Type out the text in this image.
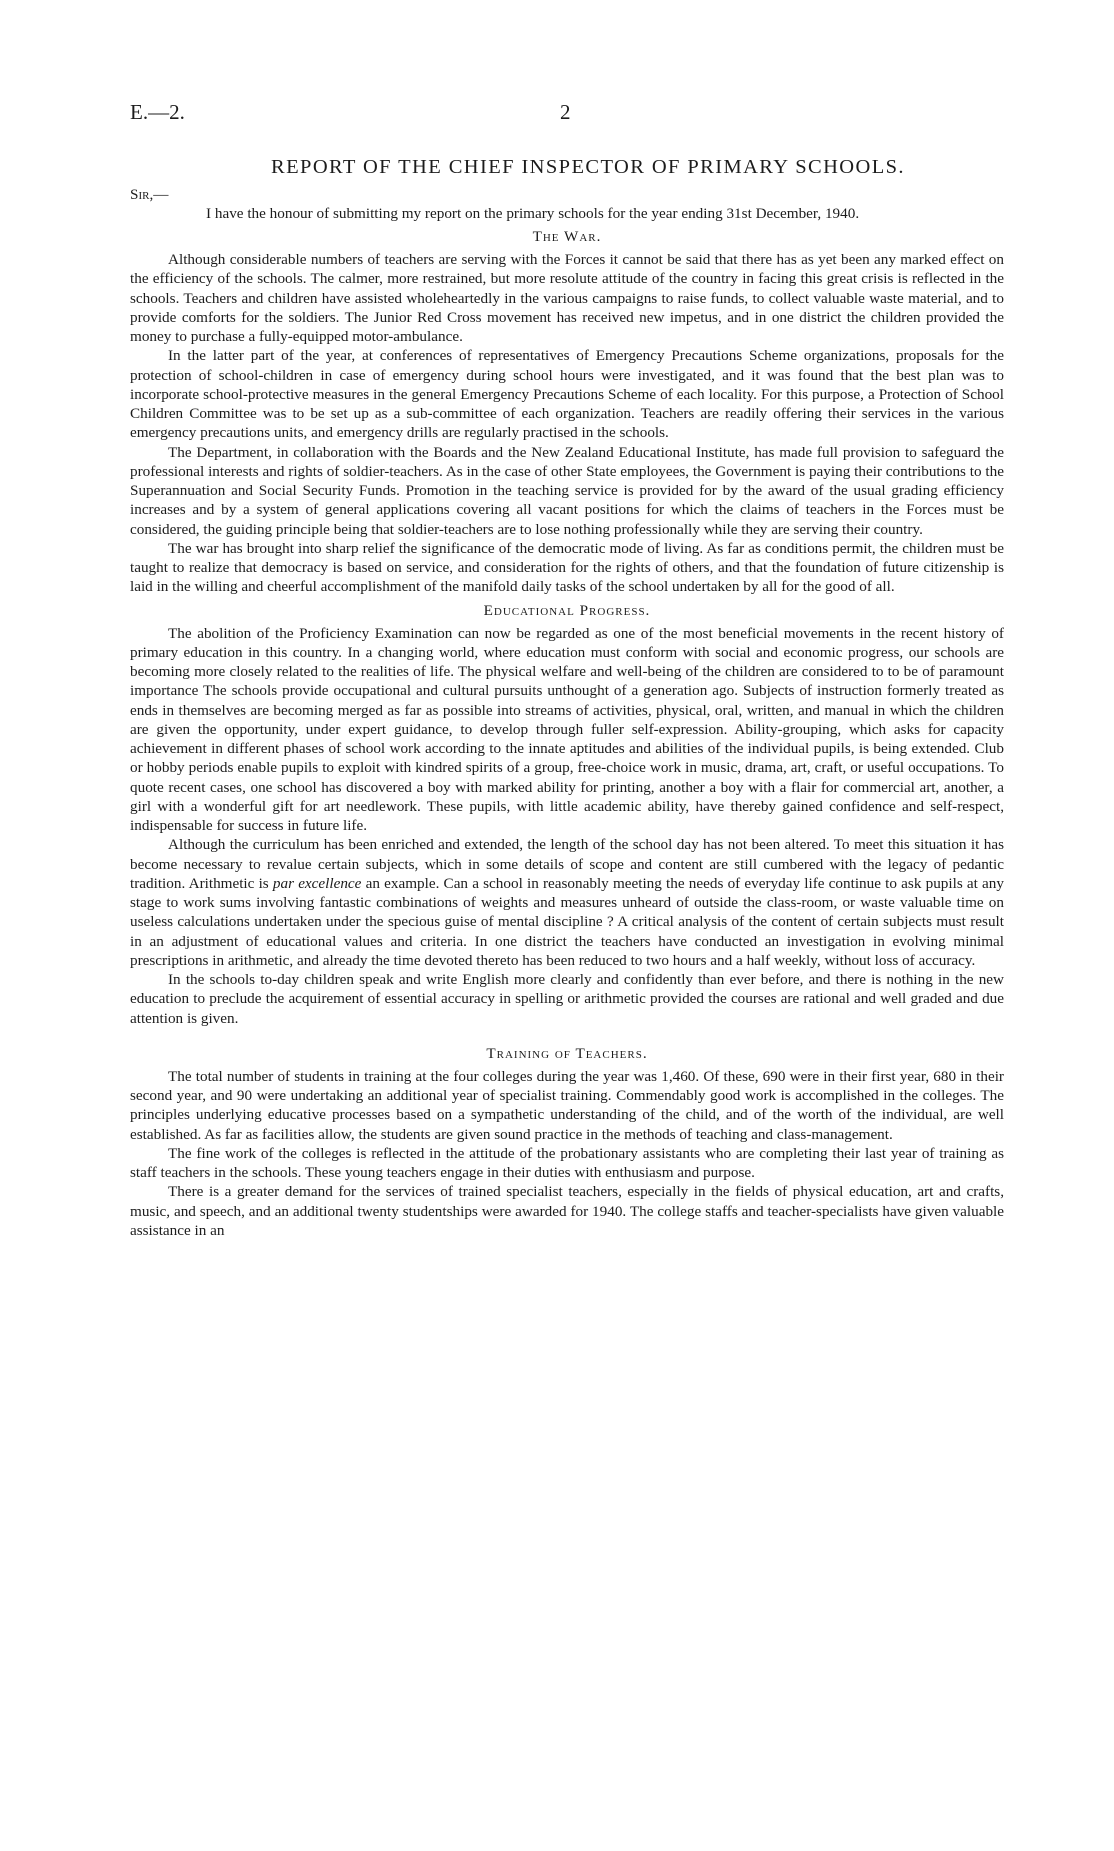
E.—2.	2
REPORT OF THE CHIEF INSPECTOR OF PRIMARY SCHOOLS.

Sir,—

I have the honour of submitting my report on the primary schools for the year ending 31st December, 1940.

The War.

Although considerable numbers of teachers are serving with the Forces it cannot be said that there has as yet been any marked effect on the efficiency of the schools. The calmer, more restrained, but more resolute attitude of the country in facing this great crisis is reflected in the schools. Teachers and children have assisted wholeheartedly in the various campaigns to raise funds, to collect valuable waste material, and to provide comforts for the soldiers. The Junior Red Cross movement has received new impetus, and in one district the children provided the money to purchase a fully-equipped motor-ambulance.

In the latter part of the year, at conferences of representatives of Emergency Precautions Scheme organizations, proposals for the protection of school-children in case of emergency during school hours were investigated, and it was found that the best plan was to incorporate school-protective measures in the general Emergency Precautions Scheme of each locality. For this purpose, a Protection of School Children Committee was to be set up as a sub-committee of each organization. Teachers are readily offering their services in the various emergency precautions units, and emergency drills are regularly practised in the schools.

The Department, in collaboration with the Boards and the New Zealand Educational Institute, has made full provision to safeguard the professional interests and rights of soldier-teachers. As in the case of other State employees, the Government is paying their contributions to the Superannuation and Social Security Funds. Promotion in the teaching service is provided for by the award of the usual grading efficiency increases and by a system of general applications covering all vacant positions for which the claims of teachers in the Forces must be considered, the guiding principle being that soldier-teachers are to lose nothing professionally while they are serving their country.

The war has brought into sharp relief the significance of the democratic mode of living. As far as conditions permit, the children must be taught to realize that democracy is based on service, and consideration for the rights of others, and that the foundation of future citizenship is laid in the willing and cheerful accomplishment of the manifold daily tasks of the school undertaken by all for the good of all.

Educational Progress.

The abolition of the Proficiency Examination can now be regarded as one of the most beneficial movements in the recent history of primary education in this country. In a changing world, where education must conform with social and economic progress, our schools are becoming more closely related to the realities of life. The physical welfare and well-being of the children are considered to to be of paramount importance The schools provide occupational and cultural pursuits unthought of a generation ago. Subjects of instruction formerly treated as ends in themselves are becoming merged as far as possible into streams of activities, physical, oral, written, and manual in which the children are given the opportunity, under expert guidance, to develop through fuller self-expression. Ability-grouping, which asks for capacity achievement in different phases of school work according to the innate aptitudes and abilities of the individual pupils, is being extended. Club or hobby periods enable pupils to exploit with kindred spirits of a group, free-choice work in music, drama, art, craft, or useful occupations. To quote recent cases, one school has discovered a boy with marked ability for printing, another a boy with a flair for commercial art, another, a girl with a wonderful gift for art needlework. These pupils, with little academic ability, have thereby gained confidence and self-respect, indispensable for success in future life.

Although the curriculum has been enriched and extended, the length of the school day has not been altered. To meet this situation it has become necessary to revalue certain subjects, which in some details of scope and content are still cumbered with the legacy of pedantic tradition. Arithmetic is par excellence an example. Can a school in reasonably meeting the needs of everyday life continue to ask pupils at any stage to work sums involving fantastic combinations of weights and measures unheard of outside the class-room, or waste valuable time on useless calculations undertaken under the specious guise of mental discipline ? A critical analysis of the content of certain subjects must result in an adjustment of educational values and criteria. In one district the teachers have conducted an investigation in evolving minimal prescriptions in arithmetic, and already the time devoted thereto has been reduced to two hours and a half weekly, without loss of accuracy.

In the schools to-day children speak and write English more clearly and confidently than ever before, and there is nothing in the new education to preclude the acquirement of essential accuracy in spelling or arithmetic provided the courses are rational and well graded and due attention is given.

Training of Teachers.

The total number of students in training at the four colleges during the year was 1,460. Of these, 690 were in their first year, 680 in their second year, and 90 were undertaking an additional year of specialist training. Commendably good work is accomplished in the colleges. The principles underlying educative processes based on a sympathetic understanding of the child, and of the worth of the individual, are well established. As far as facilities allow, the students are given sound practice in the methods of teaching and class-management.

The fine work of the colleges is reflected in the attitude of the probationary assistants who are completing their last year of training as staff teachers in the schools. These young teachers engage in their duties with enthusiasm and purpose.

There is a greater demand for the services of trained specialist teachers, especially in the fields of physical education, art and crafts, music, and speech, and an additional twenty studentships were awarded for 1940. The college staffs and teacher-specialists have given valuable assistance in an
